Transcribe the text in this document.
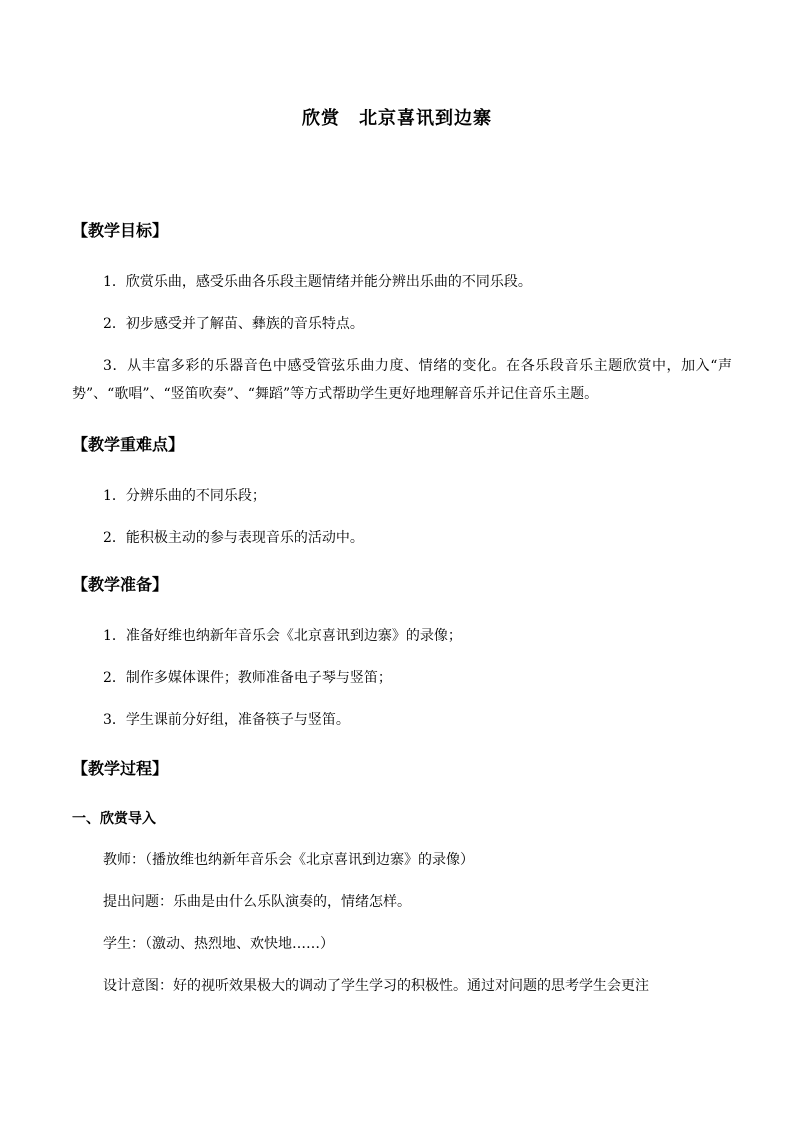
欣赏　北京喜讯到边寨
【教学目标】
1．欣赏乐曲，感受乐曲各乐段主题情绪并能分辨出乐曲的不同乐段。
2．初步感受并了解苗、彝族的音乐特点。
3．从丰富多彩的乐器音色中感受管弦乐曲力度、情绪的变化。在各乐段音乐主题欣赏中，加入“声势”、“歌唱”、“竖笛吹奏”、“舞蹈”等方式帮助学生更好地理解音乐并记住音乐主题。
【教学重难点】
1．分辨乐曲的不同乐段；
2．能积极主动的参与表现音乐的活动中。
【教学准备】
1．准备好维也纳新年音乐会《北京喜讯到边寨》的录像；
2．制作多媒体课件；教师准备电子琴与竖笛；
3．学生课前分好组，准备筷子与竖笛。
【教学过程】
一、欣赏导入
教师：（播放维也纳新年音乐会《北京喜讯到边寨》的录像）
提出问题：乐曲是由什么乐队演奏的，情绪怎样。
学生：（激动、热烈地、欢快地……）
设计意图：好的视听效果极大的调动了学生学习的积极性。通过对问题的思考学生会更注
